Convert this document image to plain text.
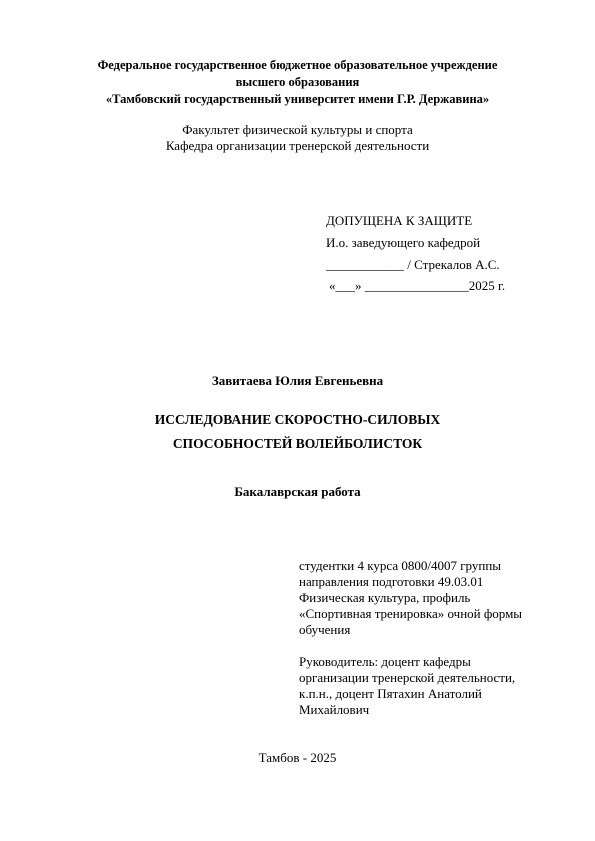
Федеральное государственное бюджетное образовательное учреждение
высшего образования
«Тамбовский государственный университет имени Г.Р. Державина»
Факультет физической культуры и спорта
Кафедра организации тренерской деятельности
ДОПУЩЕНА К ЗАЩИТЕ
И.о. заведующего кафедрой
____________ / Стрекалов А.С.
«___» ________________2025 г.
Завитаева Юлия Евгеньевна
ИССЛЕДОВАНИЕ СКОРОСТНО-СИЛОВЫХ
СПОСОБНОСТЕЙ ВОЛЕЙБОЛИСТОК
Бакалаврская работа
студентки 4 курса 0800/4007 группы
направления подготовки 49.03.01
Физическая культура, профиль
«Спортивная тренировка» очной формы
обучения
Руководитель: доцент кафедры
организации тренерской деятельности,
к.п.н., доцент Пятахин Анатолий
Михайлович
Тамбов - 2025
